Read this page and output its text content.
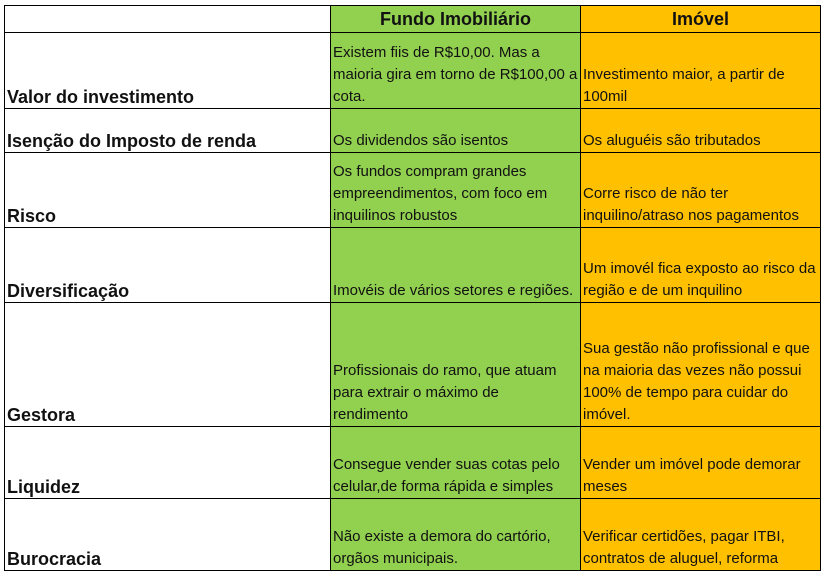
	Fundo Imobiliário	Imóvel
Valor do investimento	Existem fiis de R$10,00. Mas a maioria gira em torno de R$100,00 a cota.	Investimento maior, a partir de 100mil
Isenção do Imposto de renda	Os dividendos são isentos	Os aluguéis são tributados
Risco	Os fundos compram grandes empreendimentos, com foco em inquilinos robustos	Corre risco de não ter inquilino/atraso nos pagamentos
Diversificação	Imovéis de vários setores e regiões.	Um imovél fica exposto ao risco da região e de um inquilino
Gestora	Profissionais do ramo, que atuam para extrair o máximo de rendimento	Sua gestão não profissional e que na maioria das vezes não possui 100% de tempo para cuidar do imóvel.
Liquidez	Consegue vender suas cotas pelo celular,de forma rápida e simples	Vender um imóvel pode demorar meses
Burocracia	Não existe a demora do cartório, orgãos municipais.	Verificar certidões, pagar ITBI, contratos de aluguel, reforma
